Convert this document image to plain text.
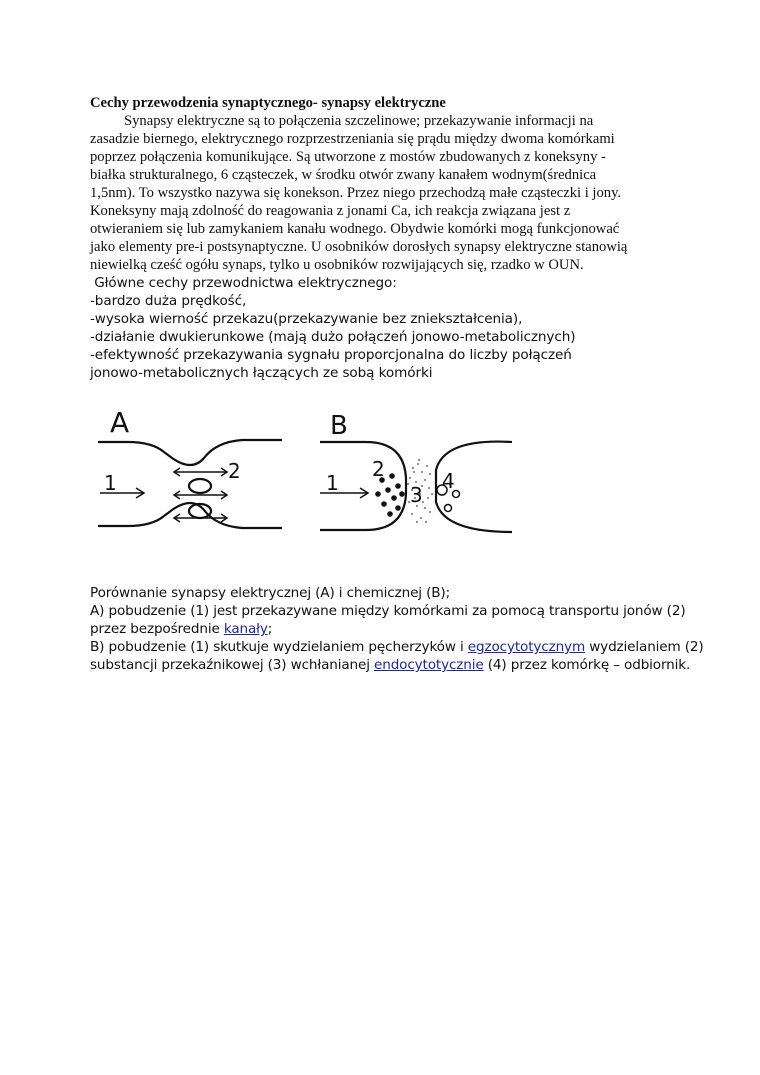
Cechy przewodzenia synaptycznego- synapsy elektryczne
Synapsy elektryczne są to połączenia szczelinowe; przekazywanie informacji na
zasadzie biernego, elektrycznego rozprzestrzeniania się prądu między dwoma komórkami
poprzez połączenia komunikujące. Są utworzone z mostów zbudowanych z koneksyny -
białka strukturalnego, 6 cząsteczek, w środku otwór zwany kanałem wodnym(średnica
1,5nm). To wszystko nazywa się konekson. Przez niego przechodzą małe cząsteczki i jony.
Koneksyny mają zdolność do reagowania z jonami Ca, ich reakcja związana jest z
otwieraniem się lub zamykaniem kanału wodnego. Obydwie komórki mogą funkcjonować
jako elementy pre-i postsynaptyczne. U osobników dorosłych synapsy elektryczne stanowią
niewielką cześć ogółu synaps, tylko u osobników rozwijających się, rzadko w OUN.
Główne cechy przewodnictwa elektrycznego:
-bardzo duża prędkość,
-wysoka wierność przekazu(przekazywanie bez zniekształcenia),
-działanie dwukierunkowe (mają dużo połączeń jonowo-metabolicznych)
-efektywność przekazywania sygnału proporcjonalna do liczby połączeń
jonowo-metabolicznych łączących ze sobą komórki
A
1	2
B
1
2
3
4
Porównanie synapsy elektrycznej (A) i chemicznej (B);
A) pobudzenie (1) jest przekazywane między komórkami za pomocą transportu jonów (2)
przez bezpośrednie kanały;
B) pobudzenie (1) skutkuje wydzielaniem pęcherzyków i egzocytotycznym wydzielaniem (2)
substancji przekaźnikowej (3) wchłanianej endocytotycznie (4) przez komórkę – odbiornik.
